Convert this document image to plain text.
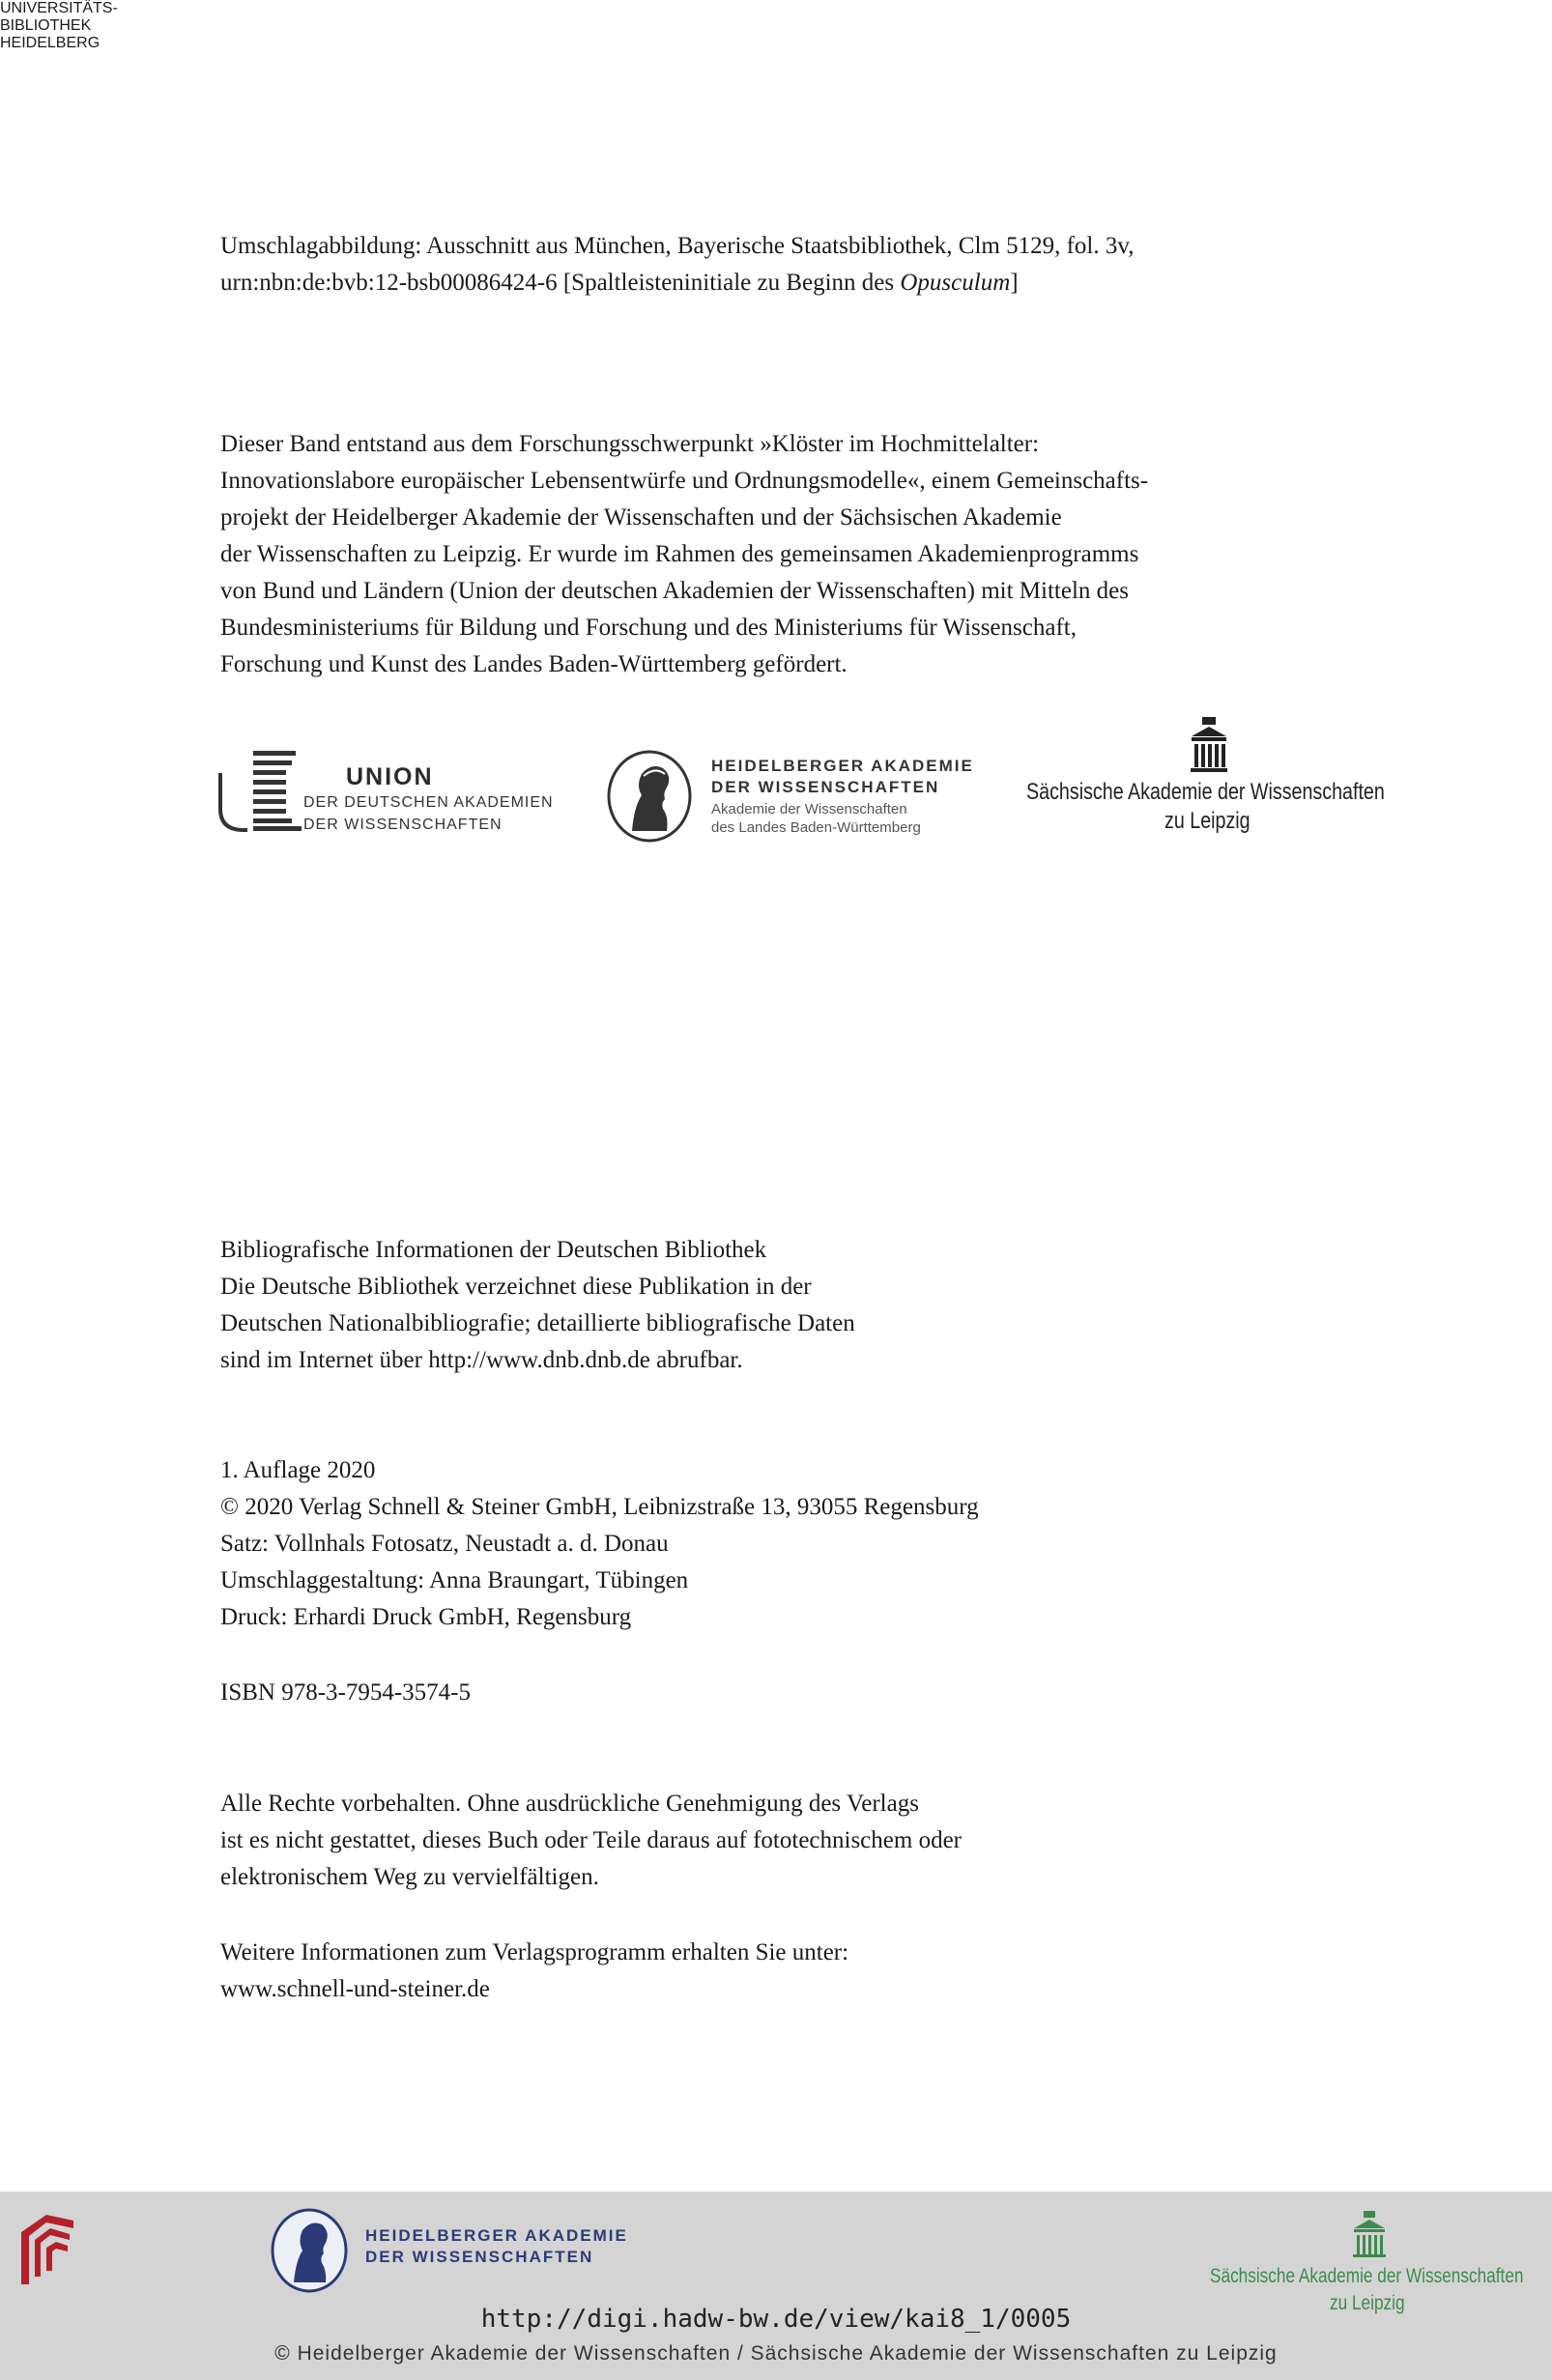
Umschlagabbildung: Ausschnitt aus München, Bayerische Staatsbibliothek, Clm 5129, fol. 3v,

urn:nbn:de:bvb:12-bsb00086424-6 [Spaltleisteninitiale zu Beginn des Opusculum]

Dieser Band entstand aus dem Forschungsschwerpunkt »Klöster im Hochmittelalter:

Innovationslabore europäischer Lebensentwürfe und Ordnungsmodelle«, einem Gemeinschafts-

projekt der Heidelberger Akademie der Wissenschaften und der Sächsischen Akademie

der Wissenschaften zu Leipzig. Er wurde im Rahmen des gemeinsamen Akademienprogramms

von Bund und Ländern (Union der deutschen Akademien der Wissenschaften) mit Mitteln des

Bundesministeriums für Bildung und Forschung und des Ministeriums für Wissenschaft,

Forschung und Kunst des Landes Baden-Württemberg gefördert.

UNION
DER DEUTSCHEN AKADEMIEN
DER WISSENSCHAFTEN
HEIDELBERGER AKADEMIE
DER WISSENSCHAFTEN
Akademie der Wissenschaften
des Landes Baden-Württemberg
Sächsische Akademie der Wissenschaften
zu Leipzig

Bibliografische Informationen der Deutschen Bibliothek

Die Deutsche Bibliothek verzeichnet diese Publikation in der

Deutschen Nationalbibliografie; detaillierte bibliografische Daten

sind im Internet über http://www.dnb.dnb.de abrufbar.

1. Auflage 2020

© 2020 Verlag Schnell & Steiner GmbH, Leibnizstraße 13, 93055 Regensburg

Satz: Vollnhals Fotosatz, Neustadt a. d. Donau

Umschlaggestaltung: Anna Braungart, Tübingen

Druck: Erhardi Druck GmbH, Regensburg

ISBN 978-3-7954-3574-5

Alle Rechte vorbehalten. Ohne ausdrückliche Genehmigung des Verlags

ist es nicht gestattet, dieses Buch oder Teile daraus auf fototechnischem oder

elektronischem Weg zu vervielfältigen.

Weitere Informationen zum Verlagsprogramm erhalten Sie unter:

www.schnell-und-steiner.de

UNIVERSITÄTS-
BIBLIOTHEK
HEIDELBERG
HEIDELBERGER AKADEMIE
DER WISSENSCHAFTEN
Sächsische Akademie der Wissenschaften
zu Leipzig
http://digi.hadw-bw.de/view/kai8_1/0005
© Heidelberger Akademie der Wissenschaften / Sächsische Akademie der Wissenschaften zu Leipzig
